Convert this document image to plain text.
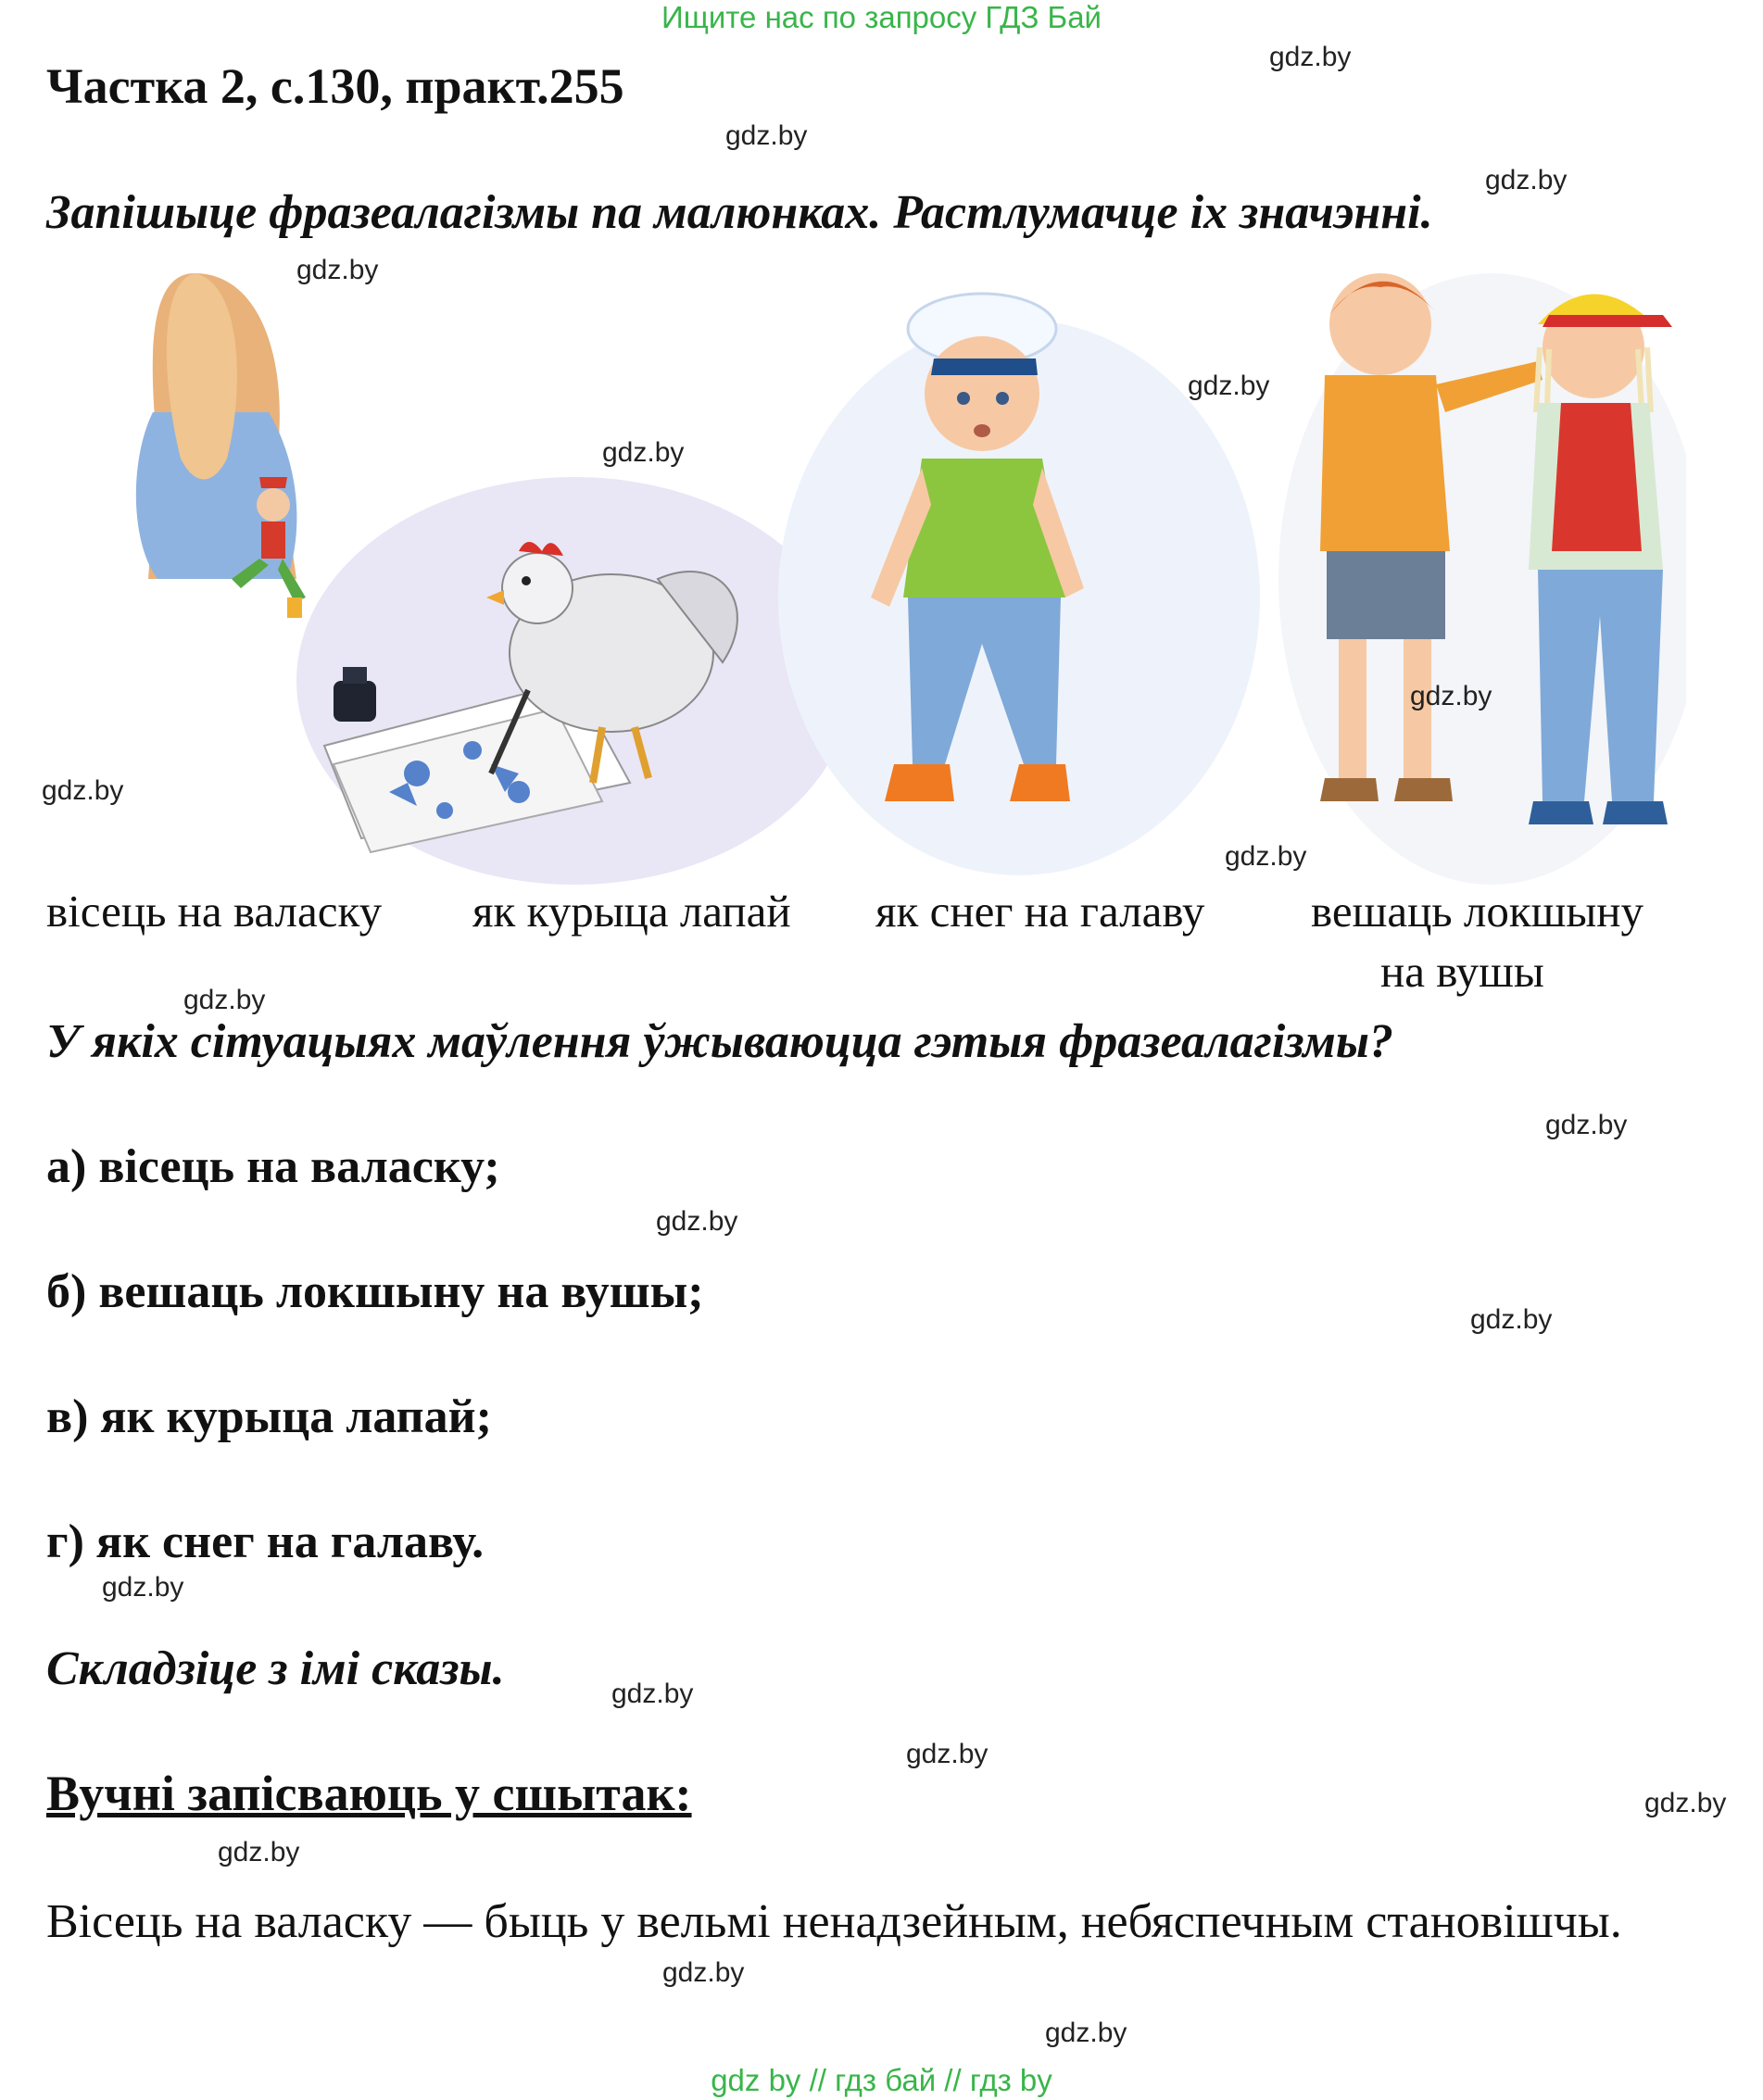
Ищите нас по запросу ГДЗ Бай
Частка 2, с.130, практ.255
Запішыце фразеалагізмы па малюнках. Растлумачце іх значэнні.
вісець на валаску як курыца лапай як снег на галаву вешаць локшыну
на вушы
У якіх сітуацыях маўлення ўжываюцца гэтыя фразеалагізмы?
а) вісець на валаску;
б) вешаць локшыну на вушы;
в) як курыца лапай;
г) як снег на галаву.
Складзіце з імі сказы.
Вучні запісваюць у сшытак:
Вісець на валаску — быць у вельмі ненадзейным, небяспечным становішчы.
gdz.by
gdz.by
gdz.by
gdz.by
gdz.by
gdz.by
gdz.by
gdz.by
gdz.by
gdz.by
gdz.by
gdz.by
gdz.by
gdz.by
gdz.by
gdz.by
gdz.by
gdz.by
gdz.by
gdz.by
gdz by // гдз бай // гдз by
